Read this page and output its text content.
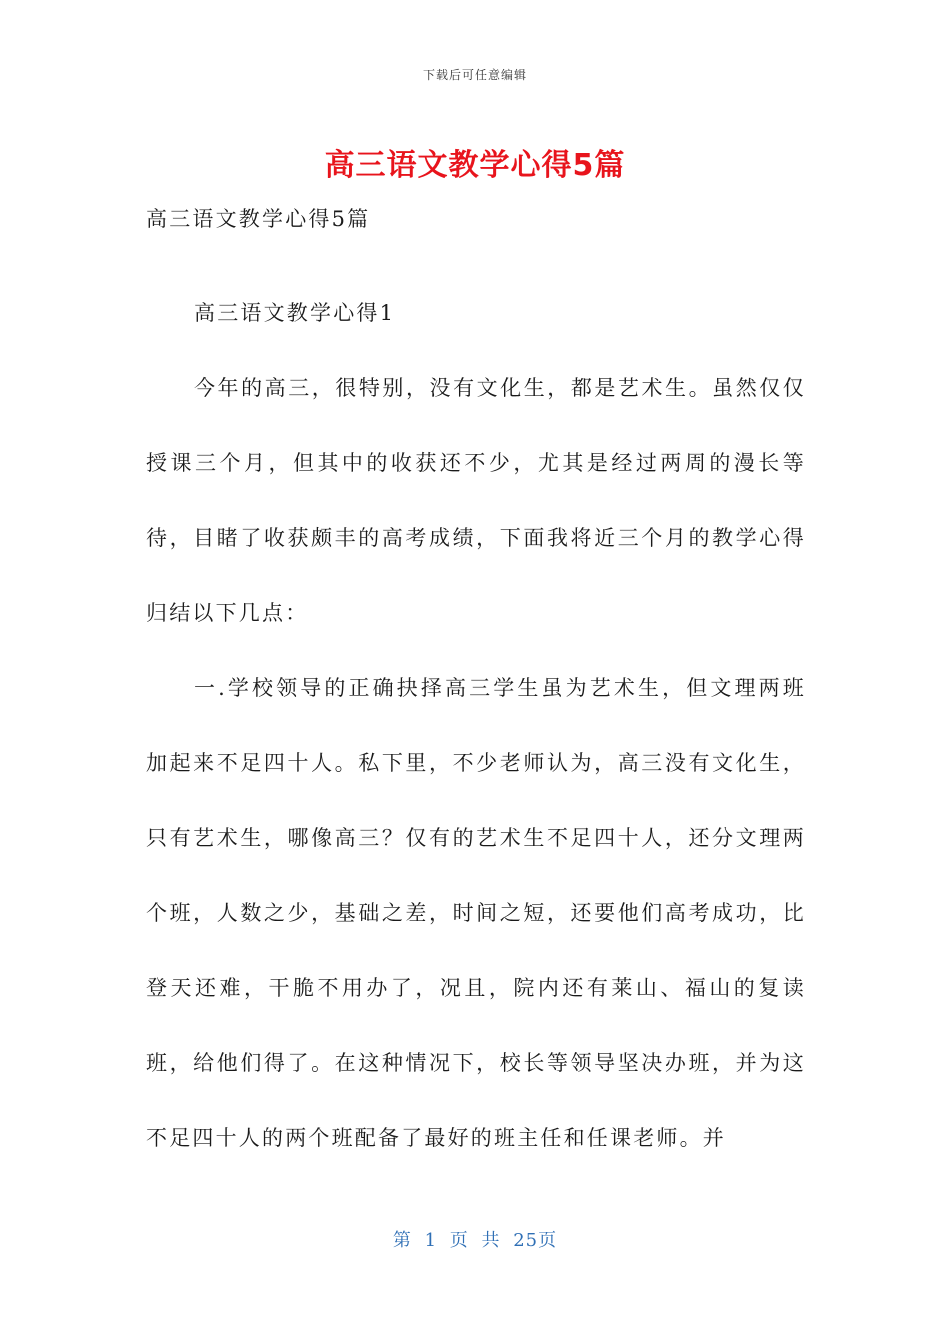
下载后可任意编辑
高三语文教学心得5篇

高三语文教学心得5篇

高三语文教学心得1

今年的高三，很特别，没有文化生，都是艺术生。虽然仅仅授课三个月，但其中的收获还不少，尤其是经过两周的漫长等待，目睹了收获颇丰的高考成绩，下面我将近三个月的教学心得归结以下几点：

一.学校领导的正确抉择高三学生虽为艺术生，但文理两班加起来不足四十人。私下里，不少老师认为，高三没有文化生，只有艺术生，哪像高三？仅有的艺术生不足四十人，还分文理两个班，人数之少，基础之差，时间之短，还要他们高考成功，比登天还难，干脆不用办了，况且，院内还有莱山、福山的复读班，给他们得了。在这种情况下，校长等领导坚决办班，并为这不足四十人的两个班配备了最好的班主任和任课老师。并

第 1 页 共 25页
